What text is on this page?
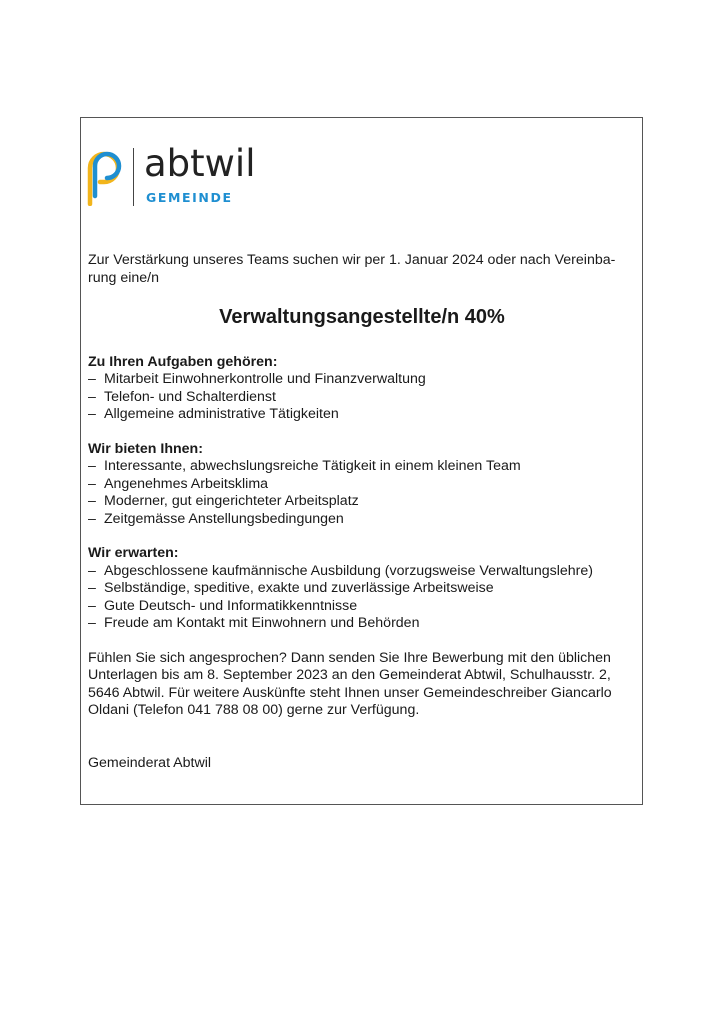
abtwil
GEMEINDE

Zur Verstärkung unseres Teams suchen wir per 1. Januar 2024 oder nach Vereinba-rung eine/n

Verwaltungsangestellte/n 40%
Zu Ihren Aufgaben gehören:
– Mitarbeit Einwohnerkontrolle und Finanzverwaltung
– Telefon- und Schalterdienst
– Allgemeine administrative Tätigkeiten
Wir bieten Ihnen:
– Interessante, abwechslungsreiche Tätigkeit in einem kleinen Team
– Angenehmes Arbeitsklima
– Moderner, gut eingerichteter Arbeitsplatz
– Zeitgemässe Anstellungsbedingungen
Wir erwarten:
– Abgeschlossene kaufmännische Ausbildung (vorzugsweise Verwaltungslehre)
– Selbständige, speditive, exakte und zuverlässige Arbeitsweise
– Gute Deutsch- und Informatikkenntnisse
– Freude am Kontakt mit Einwohnern und Behörden

Fühlen Sie sich angesprochen? Dann senden Sie Ihre Bewerbung mit den üblichen Unterlagen bis am 8. September 2023 an den Gemeinderat Abtwil, Schulhausstr. 2, 5646 Abtwil. Für weitere Auskünfte steht Ihnen unser Gemeindeschreiber Giancarlo Oldani (Telefon 041 788 08 00) gerne zur Verfügung.

Gemeinderat Abtwil
